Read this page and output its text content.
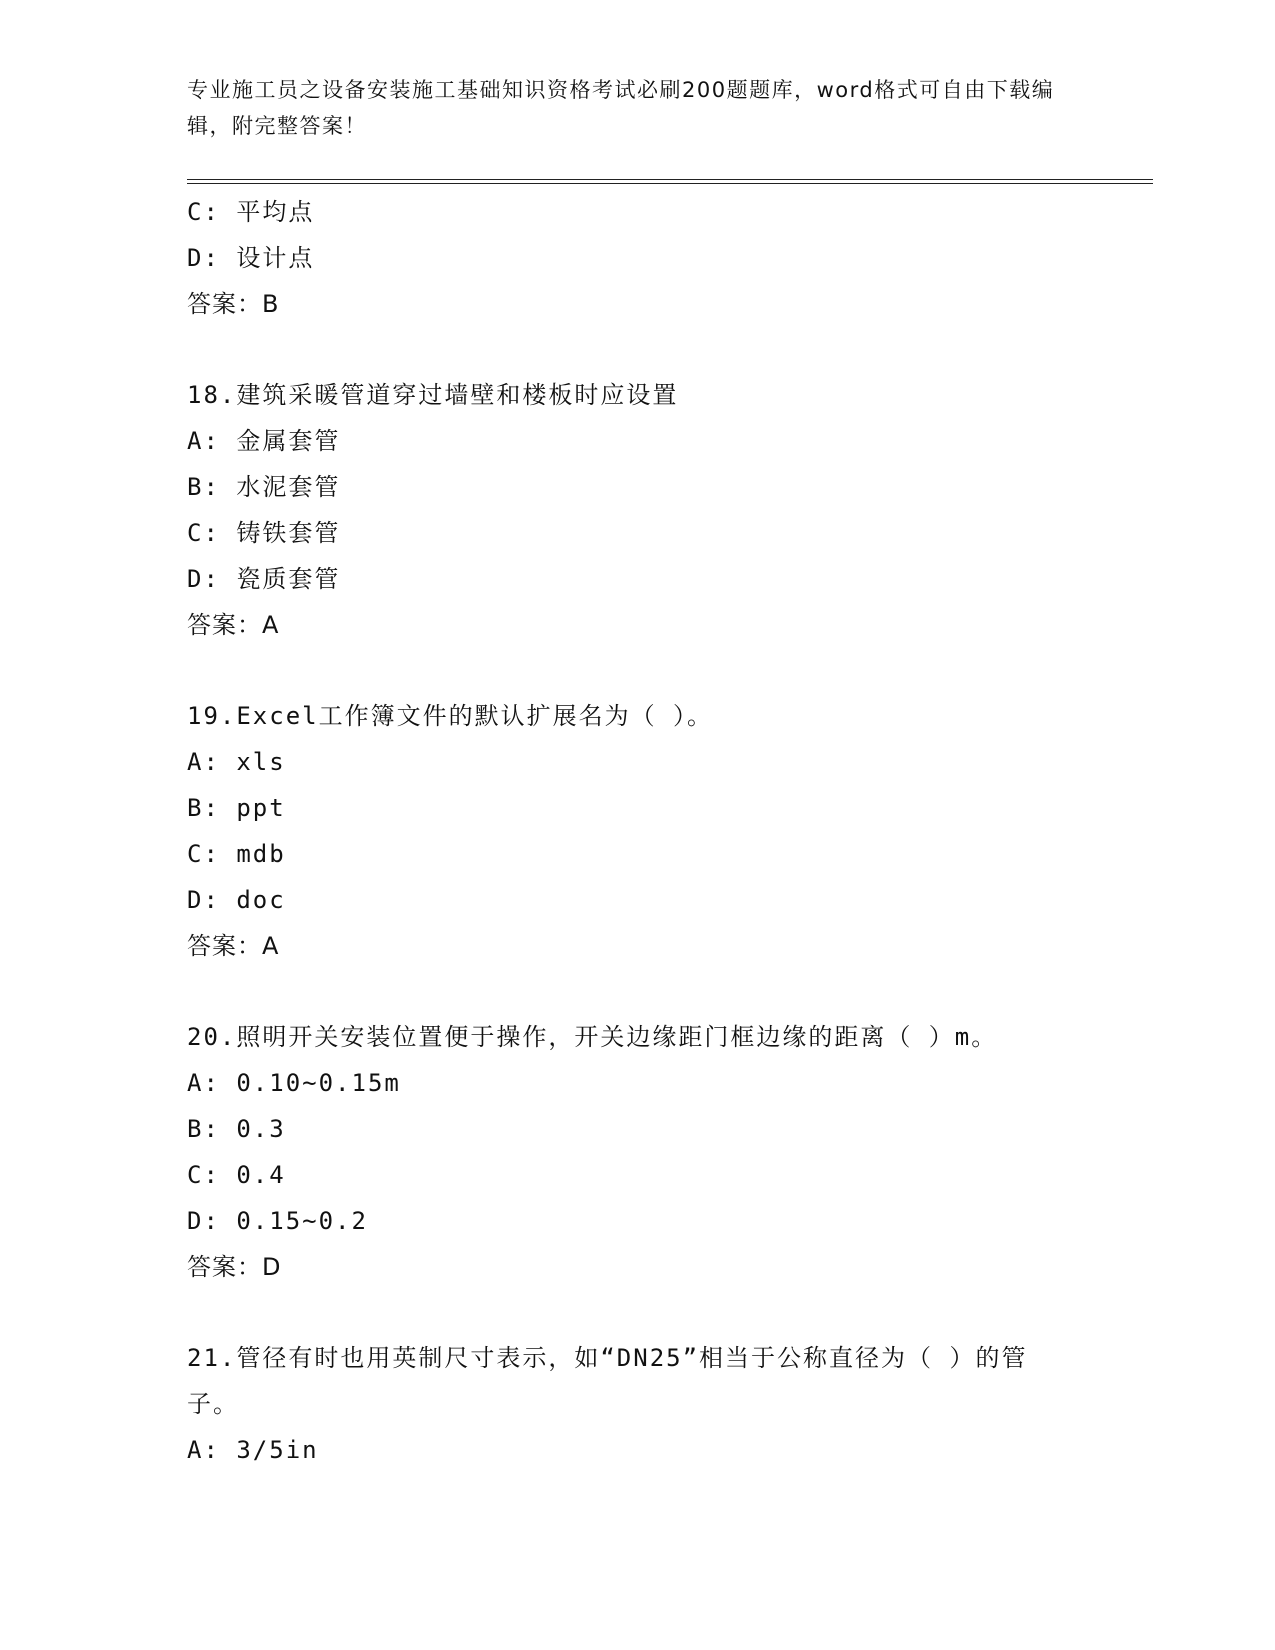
专业施工员之设备安装施工基础知识资格考试必刷200题题库，word格式可自由下载编辑，附完整答案！
C: 平均点
D: 设计点
答案：B
18.建筑采暖管道穿过墙壁和楼板时应设置
A: 金属套管
B: 水泥套管
C: 铸铁套管
D: 瓷质套管
答案：A
19.Excel工作簿文件的默认扩展名为（ ）。
A: xls
B: ppt
C: mdb
D: doc
答案：A
20.照明开关安装位置便于操作，开关边缘距门框边缘的距离（ ）m。
A: 0.10~0.15m
B: 0.3
C: 0.4
D: 0.15~0.2
答案：D
21.管径有时也用英制尺寸表示，如“DN25”相当于公称直径为（ ）的管子。
A: 3/5in
